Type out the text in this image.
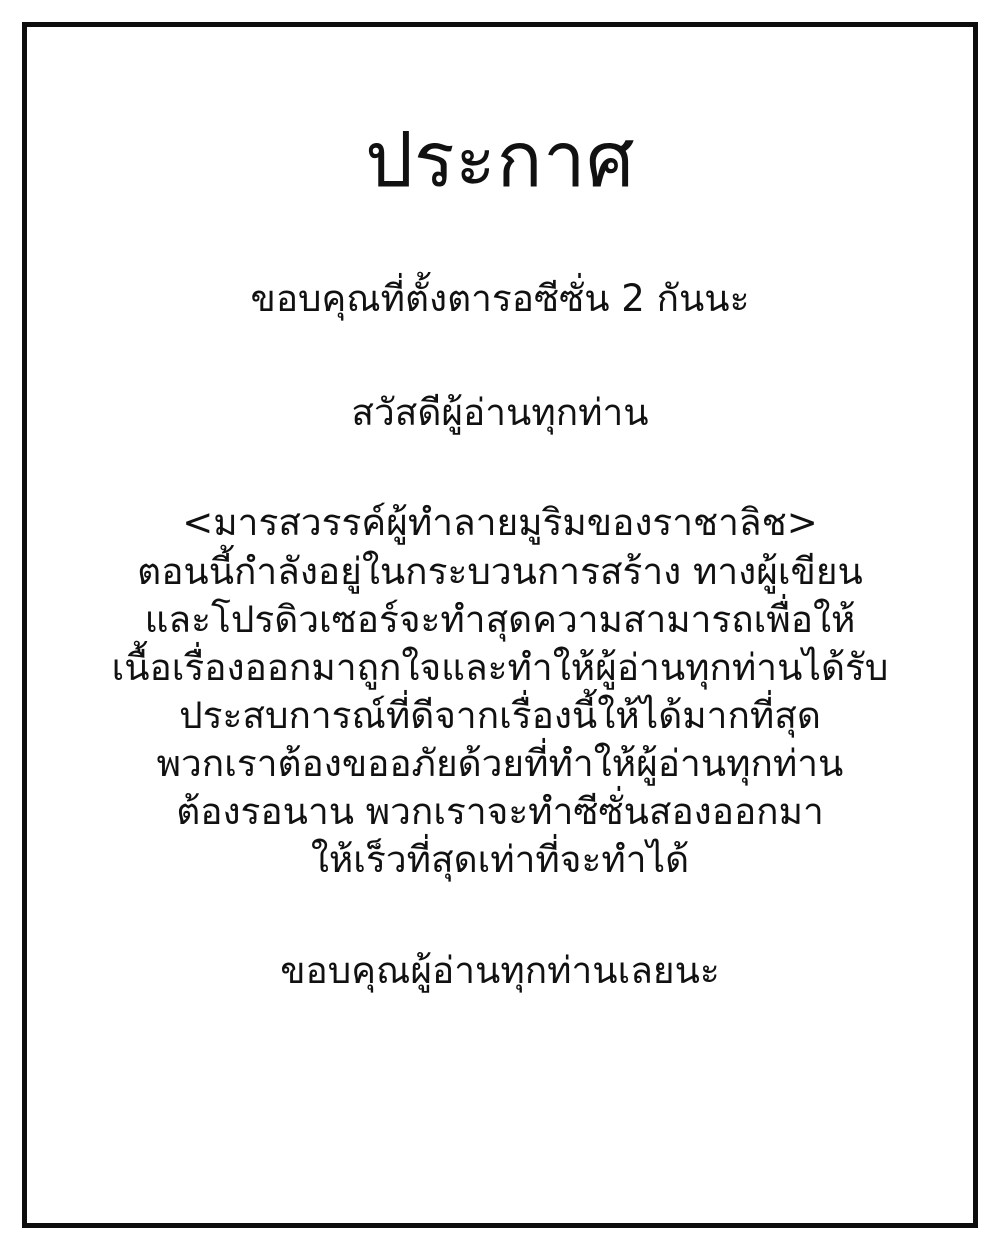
ประกาศ
ขอบคุณที่ตั้งตารอซีซั่น 2 กันนะ
สวัสดีผู้อ่านทุกท่าน

<มารสวรรค์ผู้ทำลายมูริมของราชาลิช>

ตอนนี้กำลังอยู่ในกระบวนการสร้าง ทางผู้เขียน

และโปรดิวเซอร์จะทำสุดความสามารถเพื่อให้

เนื้อเรื่องออกมาถูกใจและทำให้ผู้อ่านทุกท่านได้รับ

ประสบการณ์ที่ดีจากเรื่องนี้ให้ได้มากที่สุด

พวกเราต้องขออภัยด้วยที่ทำให้ผู้อ่านทุกท่าน

ต้องรอนาน พวกเราจะทำซีซั่นสองออกมา

ให้เร็วที่สุดเท่าที่จะทำได้

ขอบคุณผู้อ่านทุกท่านเลยนะ
